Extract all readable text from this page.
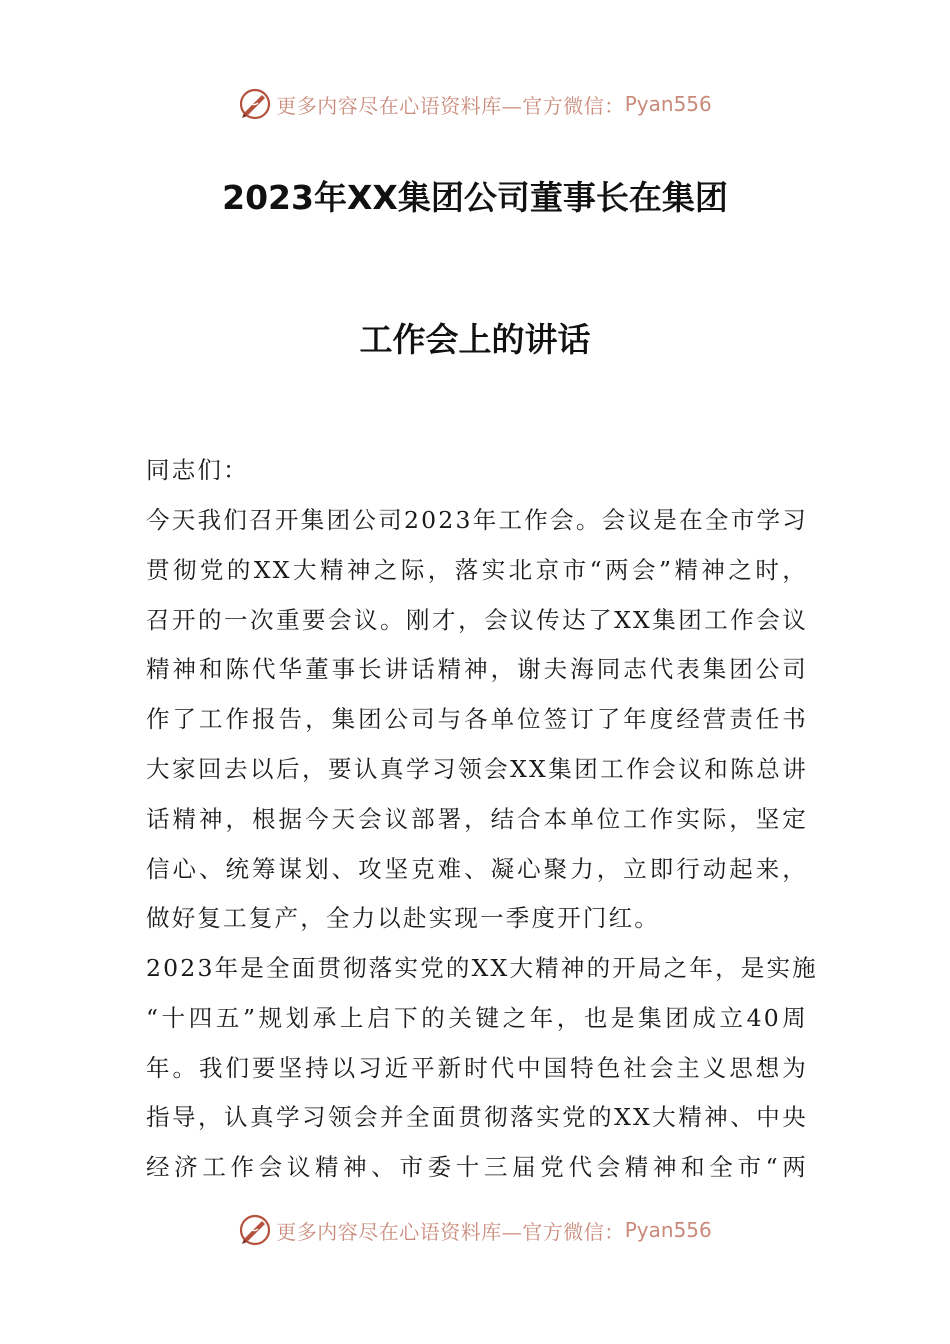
更多内容尽在心语资料库—官方微信： Pyan556
2023年XX集团公司董事长在集团
工作会上的讲话
同志们：
今天我们召开集团公司2023年工作会。会议是在全市学习
贯彻党的XX大精神之际，落实北京市“两会”精神之时，
召开的一次重要会议。刚才，会议传达了XX集团工作会议
精神和陈代华董事长讲话精神，谢夫海同志代表集团公司
作了工作报告，集团公司与各单位签订了年度经营责任书
大家回去以后，要认真学习领会XX集团工作会议和陈总讲
话精神，根据今天会议部署，结合本单位工作实际，坚定
信心、统筹谋划、攻坚克难、凝心聚力，立即行动起来，
做好复工复产，全力以赴实现一季度开门红。
2023年是全面贯彻落实党的XX大精神的开局之年，是实施
“十四五”规划承上启下的关键之年，也是集团成立40周
年。我们要坚持以习近平新时代中国特色社会主义思想为
指导，认真学习领会并全面贯彻落实党的XX大精神、中央
经济工作会议精神、市委十三届党代会精神和全市“两
更多内容尽在心语资料库—官方微信： Pyan556
